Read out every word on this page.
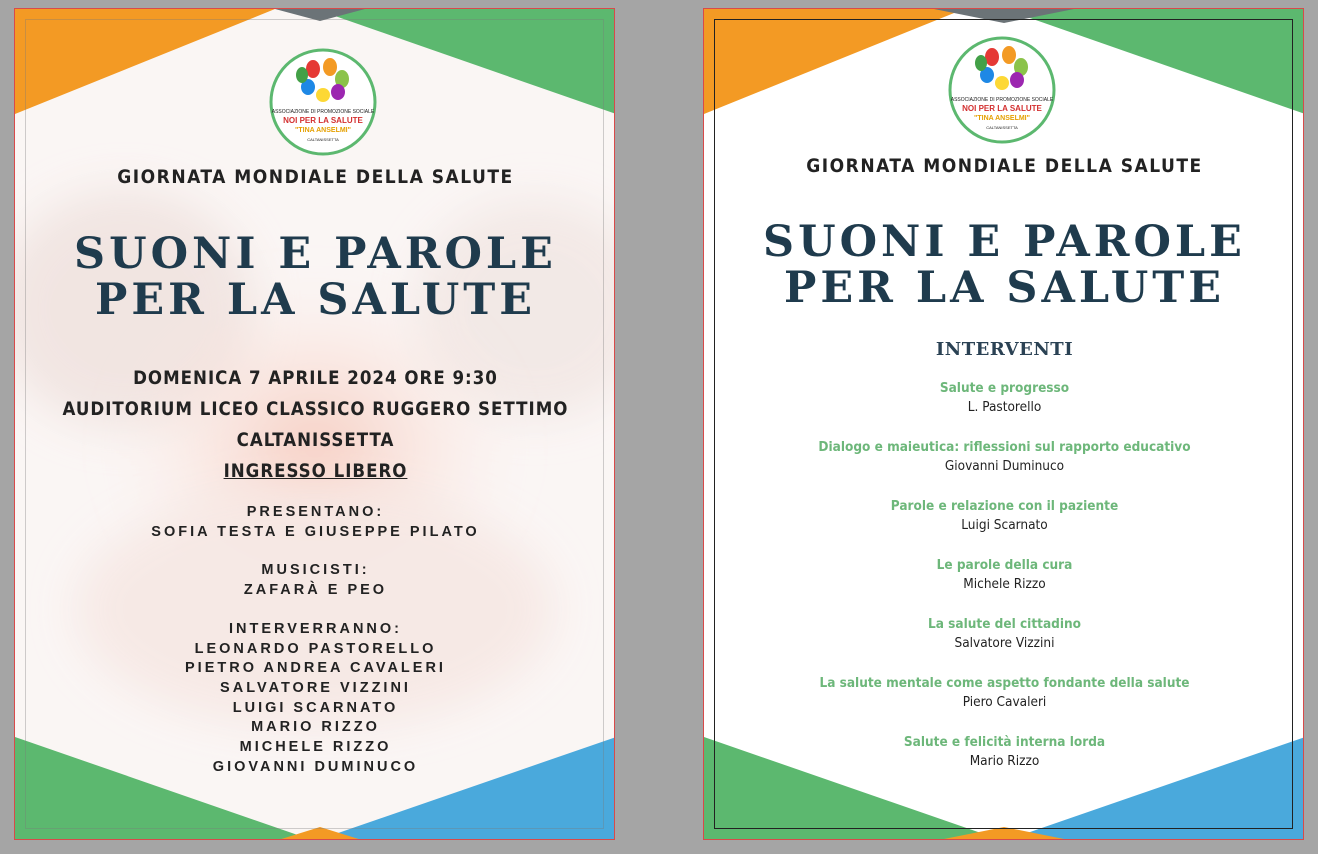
ASSOCIAZIONE DI PROMOZIONE SOCIALE
NOI PER LA SALUTE
"TINA ANSELMI"
CALTANISSETTA
GIORNATA MONDIALE DELLA SALUTE
SUONI E PAROLE
PER LA SALUTE
DOMENICA 7 APRILE 2024 ORE 9:30
AUDITORIUM LICEO CLASSICO RUGGERO SETTIMO
CALTANISSETTA
INGRESSO LIBERO
PRESENTANO:
SOFIA TESTA E GIUSEPPE PILATO
MUSICISTI:
ZAFARÀ E PEO
INTERVERRANNO:
LEONARDO PASTORELLO
PIETRO ANDREA CAVALERI
SALVATORE VIZZINI
LUIGI SCARNATO
MARIO RIZZO
MICHELE RIZZO
GIOVANNI DUMINUCO
ASSOCIAZIONE DI PROMOZIONE SOCIALE
NOI PER LA SALUTE
"TINA ANSELMI"
CALTANISSETTA
GIORNATA MONDIALE DELLA SALUTE
SUONI E PAROLE
PER LA SALUTE
INTERVENTI
Salute e progresso
L. Pastorello
Dialogo e maieutica: riflessioni sul rapporto educativo
Giovanni Duminuco
Parole e relazione con il paziente
Luigi Scarnato
Le parole della cura
Michele Rizzo
La salute del cittadino
Salvatore Vizzini
La salute mentale come aspetto fondante della salute
Piero Cavaleri
Salute e felicità interna lorda
Mario Rizzo
